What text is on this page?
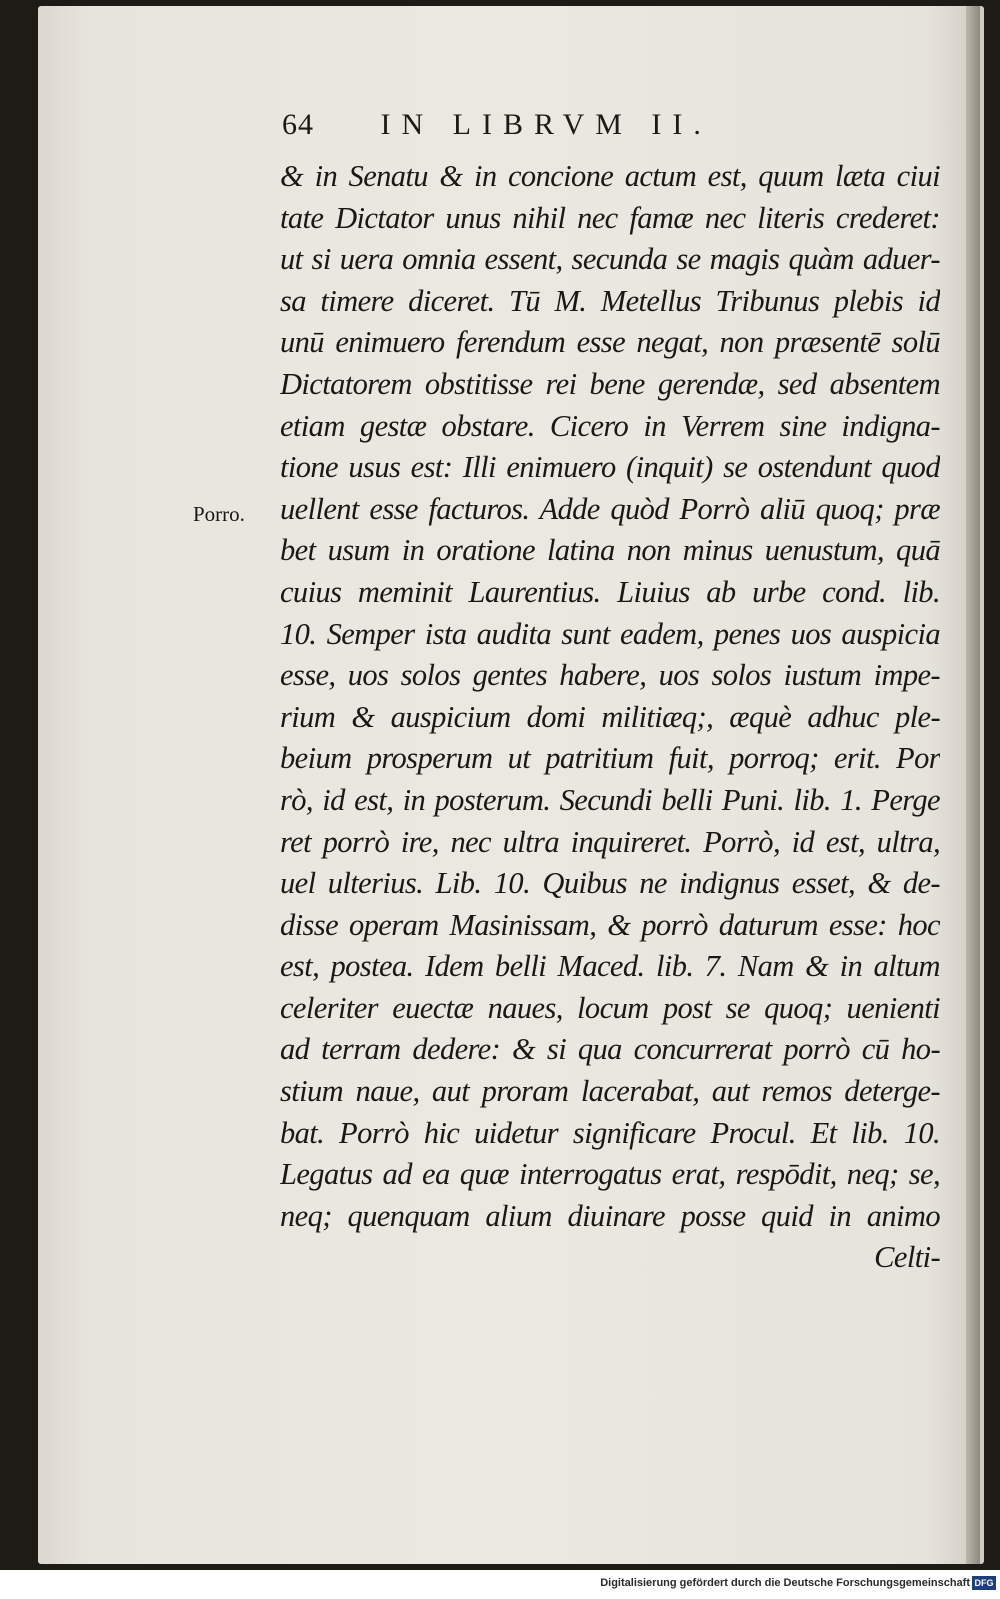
64 IN LIBRVM II.
Porro.
& in Senatu & in concione actum est, quum læta ciui
tate Dictator unus nihil nec famæ nec literis crederet:
ut si uera omnia essent, secunda se magis quàm aduer-
sa timere diceret. Tū M. Metellus Tribunus plebis id
unū enimuero ferendum esse negat, non præsentē solū
Dictatorem obstitisse rei bene gerendæ, sed absentem
etiam gestæ obstare. Cicero in Verrem sine indigna-
tione usus est: Illi enimuero (inquit) se ostendunt quod
uellent esse facturos. Adde quòd Porrò aliū quoq; præ
bet usum in oratione latina non minus uenustum, quā
cuius meminit Laurentius. Liuius ab urbe cond. lib.
10. Semper ista audita sunt eadem, penes uos auspicia
esse, uos solos gentes habere, uos solos iustum impe-
rium & auspicium domi militiæq;, æquè adhuc ple-
beium prosperum ut patritium fuit, porroq; erit. Por
rò, id est, in posterum. Secundi belli Puni. lib. 1. Perge
ret porrò ire, nec ultra inquireret. Porrò, id est, ultra,
uel ulterius. Lib. 10. Quibus ne indignus esset, & de-
disse operam Masinissam, & porrò daturum esse: hoc
est, postea. Idem belli Maced. lib. 7. Nam & in altum
celeriter euectæ naues, locum post se quoq; uenienti
ad terram dedere: & si qua concurrerat porrò cū ho-
stium naue, aut proram lacerabat, aut remos deterge-
bat. Porrò hic uidetur significare Procul. Et lib. 10.
Legatus ad ea quæ interrogatus erat, respōdit, neq; se,
neq; quenquam alium diuinare posse quid in animo
Celti-
Digitalisierung gefördert durch die Deutsche Forschungsgemeinschaft DFG
